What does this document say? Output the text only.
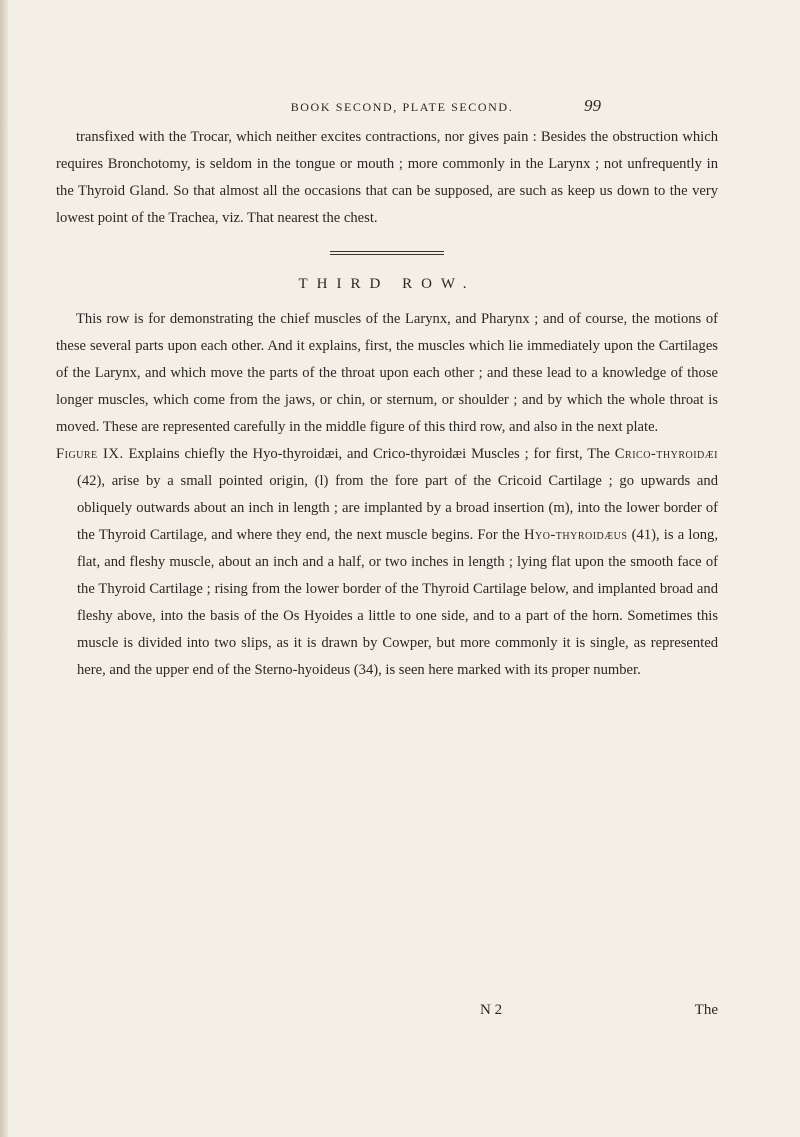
BOOK SECOND, PLATE SECOND.	99

transfixed with the Trocar, which neither excites contractions, nor gives pain : Besides the obstruction which requires Bronchotomy, is seldom in the tongue or mouth ; more commonly in the Larynx ; not unfrequently in the Thyroid Gland. So that almost all the occasions that can be supposed, are such as keep us down to the very lowest point of the Trachea, viz. That nearest the chest.

THIRD ROW.

This row is for demonstrating the chief muscles of the Larynx, and Pharynx ; and of course, the motions of these several parts upon each other. And it explains, first, the muscles which lie immediately upon the Cartilages of the Larynx, and which move the parts of the throat upon each other ; and these lead to a knowledge of those longer muscles, which come from the jaws, or chin, or sternum, or shoulder ; and by which the whole throat is moved. These are represented carefully in the middle figure of this third row, and also in the next plate.

Figure IX. Explains chiefly the Hyo-thyroidæi, and Crico-thyroidæi Muscles ; for first, The Crico-thyroidæi (42), arise by a small pointed origin, (l) from the fore part of the Cricoid Cartilage ; go upwards and obliquely outwards about an inch in length ; are implanted by a broad insertion (m), into the lower border of the Thyroid Cartilage, and where they end, the next muscle begins. For the Hyo-thyroidæus (41), is a long, flat, and fleshy muscle, about an inch and a half, or two inches in length ; lying flat upon the smooth face of the Thyroid Cartilage ; rising from the lower border of the Thyroid Cartilage below, and implanted broad and fleshy above, into the basis of the Os Hyoides a little to one side, and to a part of the horn. Sometimes this muscle is divided into two slips, as it is drawn by Cowper, but more commonly it is single, as represented here, and the upper end of the Sterno-hyoideus (34), is seen here marked with its proper number.

N 2	The
